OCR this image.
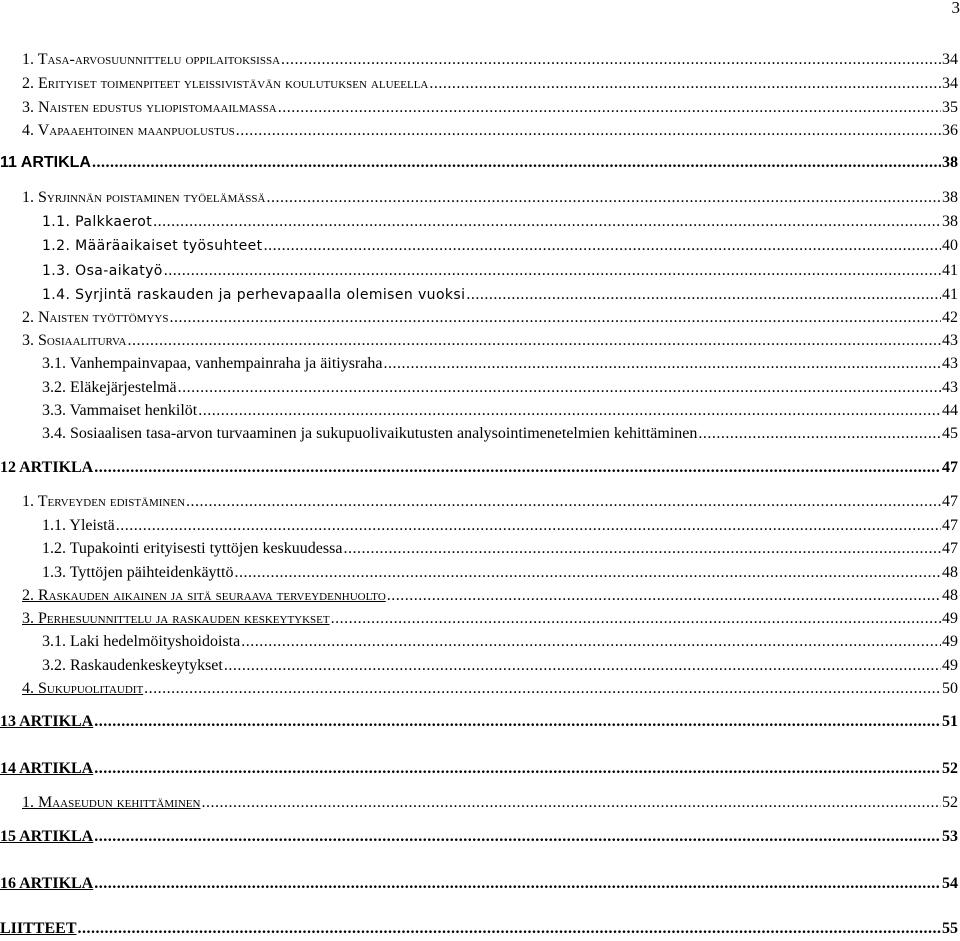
3
1. Tasa-arvosuunnittelu oppilaitoksissa .....	34
2. Erityiset toimenpiteet yleissivistävän koulutuksen alueella .....	34
3. Naisten edustus yliopistomaailmassa .....	35
4. Vapaaehtoinen maanpuolustus .....	36
11 ARTIKLA .....	38
1. Syrjinnän poistaminen työelämässä .....	38
1.1. Palkkaerot .....	38
1.2. Määräaikaiset työsuhteet .....	40
1.3. Osa-aikatyö .....	41
1.4. Syrjintä raskauden ja perhevapaalla olemisen vuoksi .....	41
2. Naisten työttömyys .....	42
3. Sosiaaliturva .....	43
3.1. Vanhempainvapaa, vanhempainraha ja äitiysraha .....	43
3.2. Eläkejärjestelmä .....	43
3.3. Vammaiset henkilöt .....	44
3.4. Sosiaalisen tasa-arvon turvaaminen ja sukupuolivaikutusten analysointimenetelmien kehittäminen .....	45
12 ARTIKLA .....	47
1. Terveyden edistäminen .....	47
1.1. Yleistä .....	47
1.2. Tupakointi erityisesti tyttöjen keskuudessa .....	47
1.3. Tyttöjen päihteidenkäyttö .....	48
2. Raskauden aikainen ja sitä seuraava terveydenhuolto .....	48
3. Perhesuunnittelu ja raskauden keskeytykset .....	49
3.1. Laki hedelmöityshoidoista .....	49
3.2. Raskaudenkeskeytykset .....	49
4. Sukupuolitaudit .....	50
13 ARTIKLA .....	51
14 ARTIKLA .....	52
1. Maaseudun kehittäminen .....	52
15 ARTIKLA .....	53
16 ARTIKLA .....	54
LIITTEET .....	55
